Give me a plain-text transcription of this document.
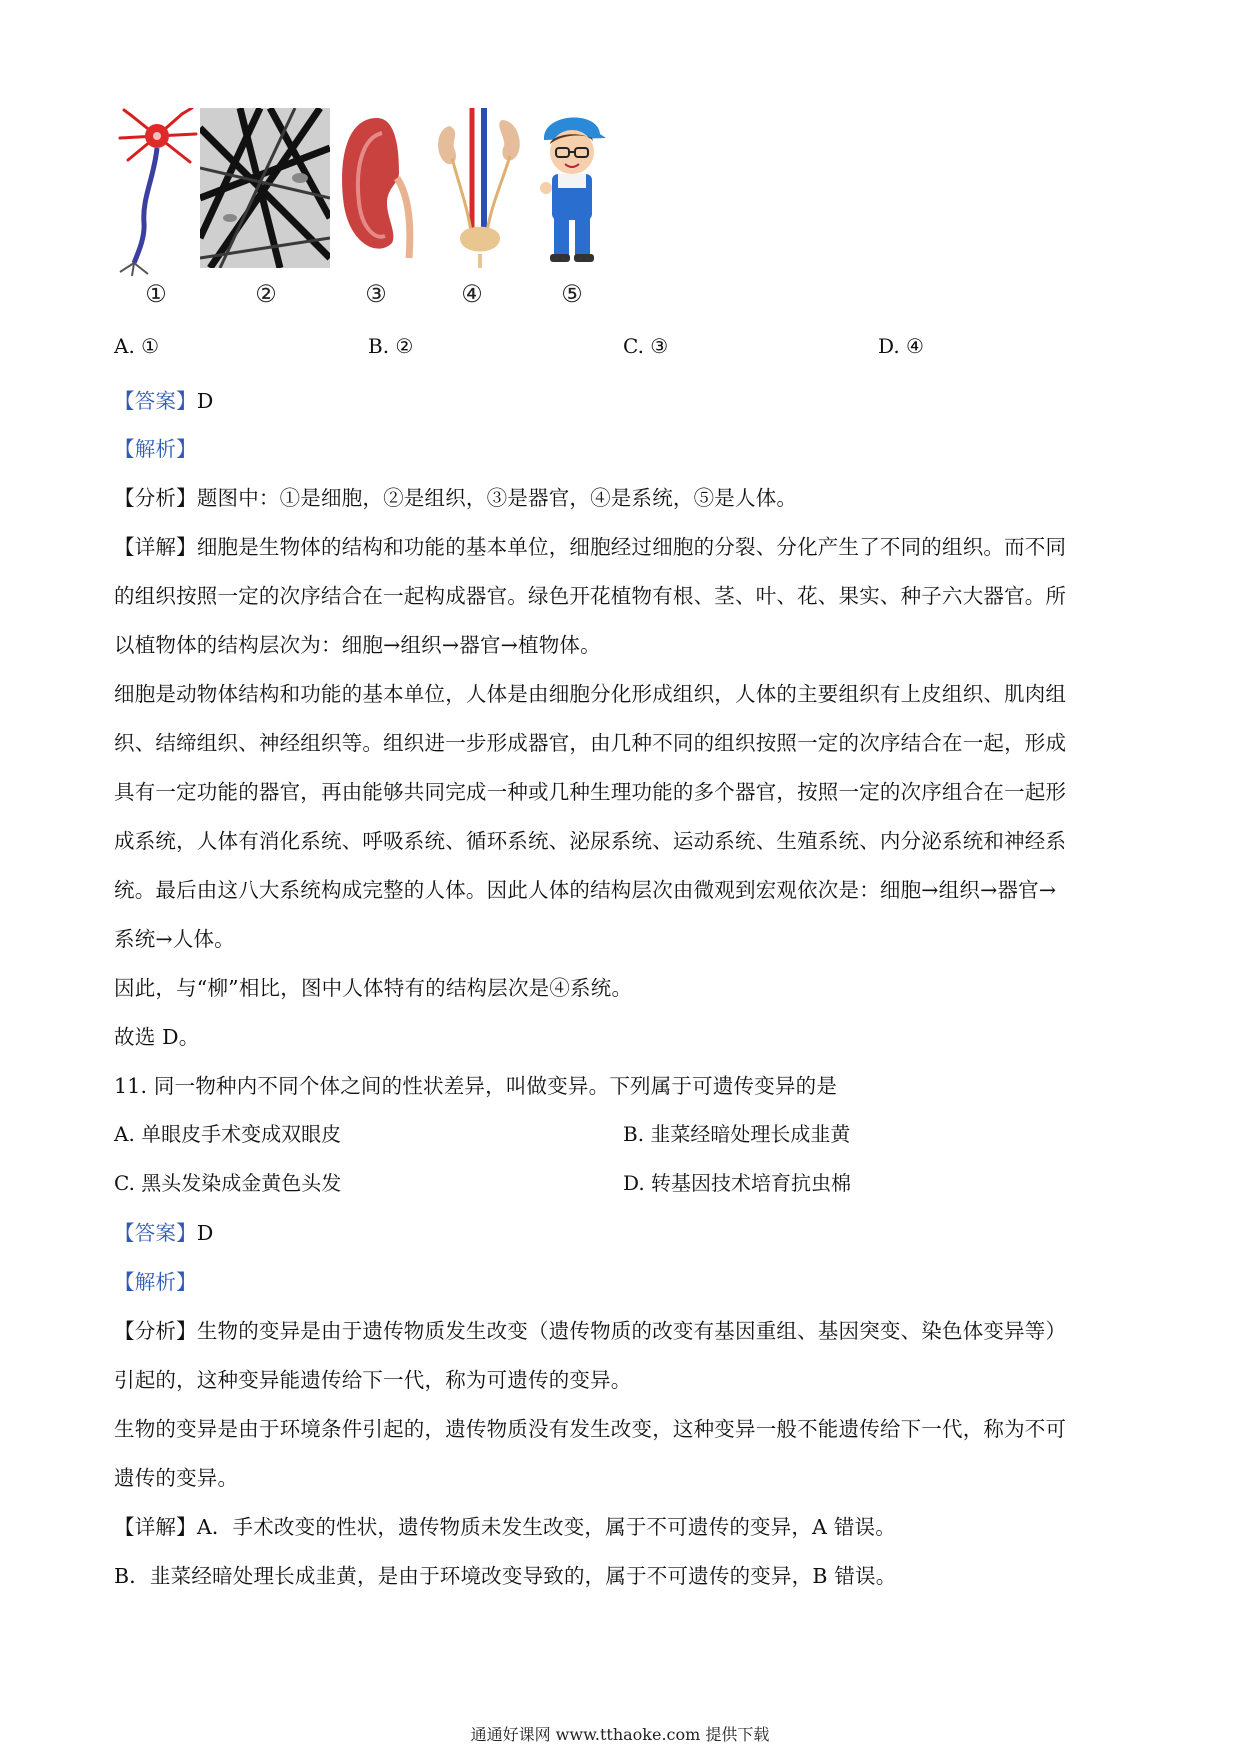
①	②	③	④	⑤
A. ①	B. ②	C. ③	D. ④
【答案】D
【解析】
【分析】题图中：①是细胞，②是组织，③是器官，④是系统，⑤是人体。
【详解】细胞是生物体的结构和功能的基本单位，细胞经过细胞的分裂、分化产生了不同的组织。而不同
的组织按照一定的次序结合在一起构成器官。绿色开花植物有根、茎、叶、花、果实、种子六大器官。所
以植物体的结构层次为：细胞→组织→器官→植物体。
细胞是动物体结构和功能的基本单位，人体是由细胞分化形成组织，人体的主要组织有上皮组织、肌肉组
织、结缔组织、神经组织等。组织进一步形成器官，由几种不同的组织按照一定的次序结合在一起，形成
具有一定功能的器官，再由能够共同完成一种或几种生理功能的多个器官，按照一定的次序组合在一起形
成系统，人体有消化系统、呼吸系统、循环系统、泌尿系统、运动系统、生殖系统、内分泌系统和神经系
统。最后由这八大系统构成完整的人体。因此人体的结构层次由微观到宏观依次是：细胞→组织→器官→
系统→人体。
因此，与“柳”相比，图中人体特有的结构层次是④系统。
故选 D。
11. 同一物种内不同个体之间的性状差异，叫做变异。下列属于可遗传变异的是
A. 单眼皮手术变成双眼皮	B. 韭菜经暗处理长成韭黄
C. 黑头发染成金黄色头发	D. 转基因技术培育抗虫棉
【答案】D
【解析】
【分析】生物的变异是由于遗传物质发生改变（遗传物质的改变有基因重组、基因突变、染色体变异等）
引起的，这种变异能遗传给下一代，称为可遗传的变异。
生物的变异是由于环境条件引起的，遗传物质没有发生改变，这种变异一般不能遗传给下一代，称为不可
遗传的变异。
【详解】A．手术改变的性状，遗传物质未发生改变，属于不可遗传的变异，A 错误。
B．韭菜经暗处理长成韭黄，是由于环境改变导致的，属于不可遗传的变异，B 错误。
通通好课网 www.tthaoke.com 提供下载
